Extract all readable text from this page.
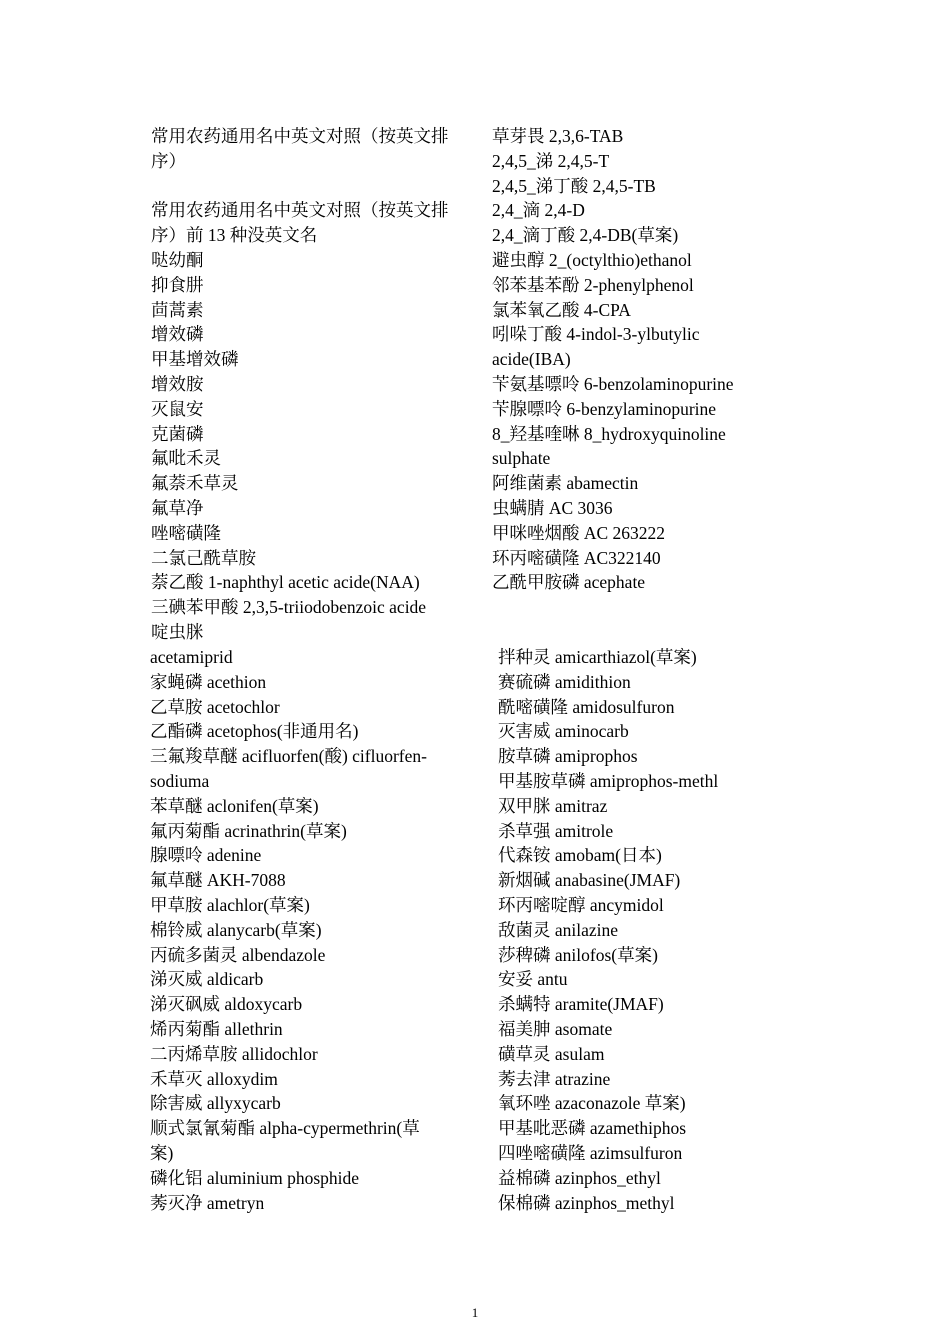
常用农药通用名中英文对照（按英文排序）
常用农药通用名中英文对照（按英文排序）前 13 种没英文名
哒幼酮
抑食肼
茴蒿素
增效磷
甲基增效磷
增效胺
灭鼠安
克菌磷
氟吡禾灵
氟萘禾草灵
氟草净
唑嘧磺隆
二氯己酰草胺
萘乙酸 1-naphthyl acetic acide(NAA)
三碘苯甲酸 2,3,5-triiodobenzoic acide
啶虫脒
草芽畏 2,3,6-TAB
2,4,5_涕 2,4,5-T
2,4,5_涕丁酸 2,4,5-TB
2,4_滴 2,4-D
2,4_滴丁酸 2,4-DB(草案)
避虫醇 2_(octylthio)ethanol
邻苯基苯酚 2-phenylphenol
氯苯氧乙酸 4-CPA
吲哚丁酸 4-indol-3-ylbutylic
acide(IBA)
苄氨基嘌呤 6-benzolaminopurine
苄腺嘌呤 6-benzylaminopurine
8_羟基喹啉 8_hydroxyquinoline
sulphate
阿维菌素 abamectin
虫螨腈 AC 3036
甲咪唑烟酸 AC 263222
环丙嘧磺隆 AC322140
乙酰甲胺磷 acephate
acetamiprid
家蝇磷 acethion
乙草胺 acetochlor
乙酯磷 acetophos(非通用名)
三氟羧草醚 acifluorfen(酸) cifluorfen-
sodiuma
苯草醚 aclonifen(草案)
氟丙菊酯 acrinathrin(草案)
腺嘌呤 adenine
氟草醚 AKH-7088
甲草胺 alachlor(草案)
棉铃威 alanycarb(草案)
丙硫多菌灵 albendazole
涕灭威 aldicarb
涕灭砜威 aldoxycarb
烯丙菊酯 allethrin
二丙烯草胺 allidochlor
禾草灭 alloxydim
除害威 allyxycarb
顺式氯氰菊酯 alpha-cypermethrin(草
案)
磷化铝 aluminium phosphide
莠灭净 ametryn
拌种灵 amicarthiazol(草案)
赛硫磷 amidithion
酰嘧磺隆 amidosulfuron
灭害威 aminocarb
胺草磷 amiprophos
甲基胺草磷 amiprophos-methl
双甲脒 amitraz
杀草强 amitrole
代森铵 amobam(日本)
新烟碱 anabasine(JMAF)
环丙嘧啶醇 ancymidol
敌菌灵 anilazine
莎稗磷 anilofos(草案)
安妥 antu
杀螨特 aramite(JMAF)
福美胂 asomate
磺草灵 asulam
莠去津 atrazine
氧环唑 azaconazole 草案)
甲基吡恶磷 azamethiphos
四唑嘧磺隆 azimsulfuron
益棉磷 azinphos_ethyl
保棉磷 azinphos_methyl
1
